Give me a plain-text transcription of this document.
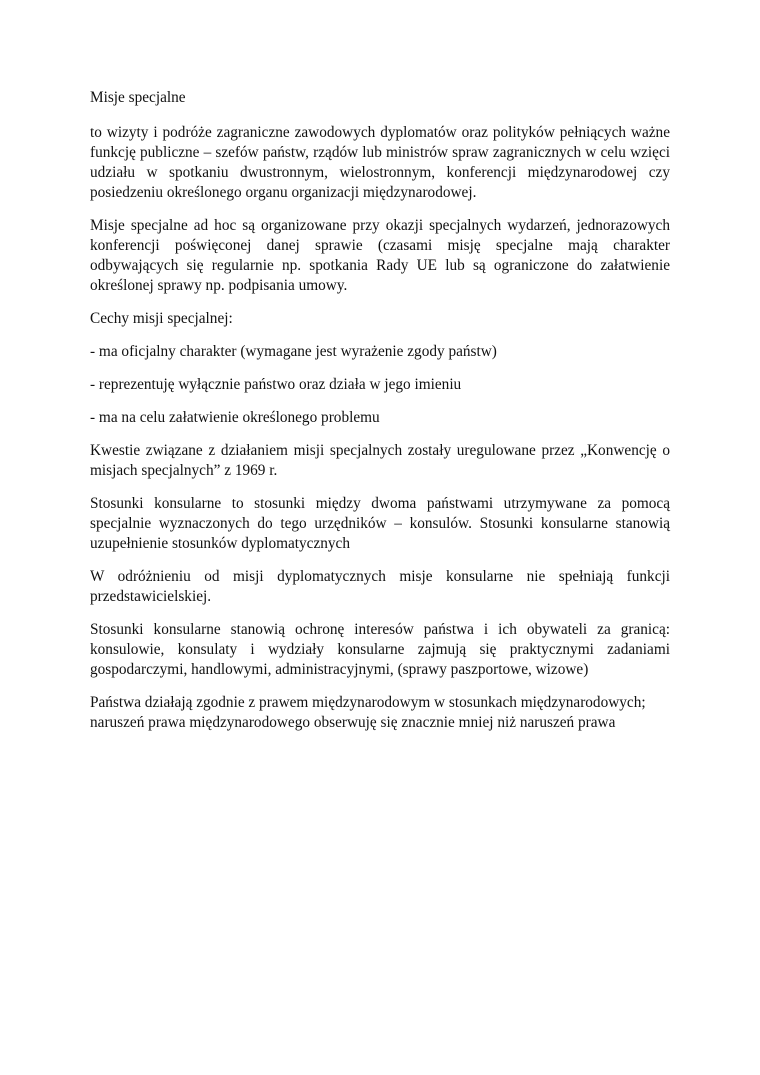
Misje specjalne

to wizyty i podróże zagraniczne zawodowych dyplomatów oraz polityków pełniących ważne funkcję publiczne – szefów państw, rządów lub ministrów spraw zagranicznych w celu wzięci udziału w spotkaniu dwustronnym, wielostronnym, konferencji międzynarodowej czy posiedzeniu określonego organu organizacji międzynarodowej.

Misje specjalne ad hoc są organizowane przy okazji specjalnych wydarzeń, jednorazowych konferencji poświęconej danej sprawie (czasami misję specjalne mają charakter odbywających się regularnie np. spotkania Rady UE lub są ograniczone do załatwienie określonej sprawy np. podpisania umowy.

Cechy misji specjalnej:

- ma oficjalny charakter (wymagane jest wyrażenie zgody państw)

- reprezentuję wyłącznie państwo oraz działa w jego imieniu

- ma na celu załatwienie określonego problemu

Kwestie związane z działaniem misji specjalnych zostały uregulowane przez „Konwencję o misjach specjalnych” z 1969 r.

Stosunki konsularne to stosunki między dwoma państwami utrzymywane za pomocą specjalnie wyznaczonych do tego urzędników – konsulów. Stosunki konsularne stanowią uzupełnienie stosunków dyplomatycznych

W odróżnieniu od misji dyplomatycznych misje konsularne nie spełniają funkcji przedstawicielskiej.

Stosunki konsularne stanowią ochronę interesów państwa i ich obywateli za granicą: konsulowie, konsulaty i wydziały konsularne zajmują się praktycznymi zadaniami gospodarczymi, handlowymi, administracyjnymi, (sprawy paszportowe, wizowe)

Państwa działają zgodnie z prawem międzynarodowym w stosunkach międzynarodowych; naruszeń prawa międzynarodowego obserwuję się znacznie mniej niż naruszeń prawa
